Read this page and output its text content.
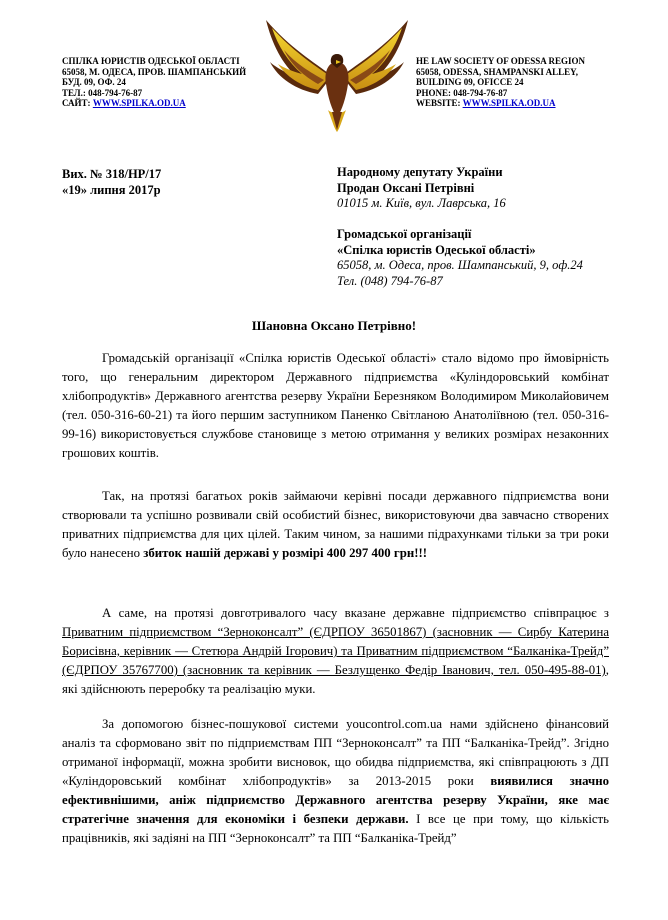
СПІЛКА ЮРИСТІВ ОДЕСЬКОЇ ОБЛАСТІ
65058, М. ОДЕСА, ПРОВ. ШАМПАНСЬКИЙ
БУД. 09, ОФ. 24
ТЕЛ.: 048-794-76-87
САЙТ: WWW.SPILKA.OD.UA
HE LAW SOCIETY OF ODESSA REGION
65058, ODESSA, SHAMPANSKI ALLEY,
BUILDING 09, OFICCE 24
PHONE: 048-794-76-87
WEBSITE: WWW.SPILKA.OD.UA
Вих. № 318/НР/17
«19» липня 2017р
Народному депутату України
Продан Оксані Петрівні
01015 м. Київ, вул. Лаврська, 16
Громадської організації
«Спілка юристів Одеської області»
65058, м. Одеса, пров. Шампанський, 9, оф.24
Тел. (048) 794-76-87
Шановна Оксано Петрівно!

Громадській організації «Спілка юристів Одеської області» стало відомо про ймовірність того, що генеральним директором Державного підприємства «Кулiндоровський комбiнат хлiбопродуктiв» Державного агентства резерву України Березняком Володимиром Миколайовичем (тел. 050-316-60-21) та його першим заступником Паненко Світланою Анатоліївною (тел. 050-316-99-16) використовується службове становище з метою отримання у великих розмірах незаконних грошових коштів.

Так, на протязі багатьох років займаючи керівні посади державного підприємства вони створювали та успішно розвивали свій особистий бізнес, використовуючи два завчасно створених приватних підприємства для цих цілей. Таким чином, за нашими підрахунками тільки за три роки було нанесено збиток нашій державі у розмірі 400 297 400 грн!!!

А саме, на протязі довготривалого часу вказане державне підприємство співпрацює з Приватним підприємством “Зерноконсалт” (ЄДРПОУ 36501867) (засновник — Сирбу Катерина Борисівна, керівник — Стетюра Андрій Ігорович) та Приватним підприємством “Балканiка-Трейд” (ЄДРПОУ 35767700) (засновник та керівник — Безлущенко Федір Іванович, тел. 050-495-88-01), які здійснюють переробку та реалізацію муки.

За допомогою бізнес-пошукової системи youcontrol.com.ua нами здійснено фінансовий аналіз та сформовано звіт по підприємствам ПП “Зерноконсалт” та ПП “Балканiка-Трейд”. Згідно отриманої інформації, можна зробити висновок, що обидва підприємства, які співпрацюють з ДП «Кулiндоровський комбiнат хлiбопродуктiв» за 2013-2015 роки виявилися значно ефективнішими, аніж підприємство Державного агентства резерву України, яке має стратегічне значення для економіки і безпеки держави. І все це при тому, що кількість працівників, які задіяні на ПП “Зерноконсалт” та ПП “Балканiка-Трейд”
